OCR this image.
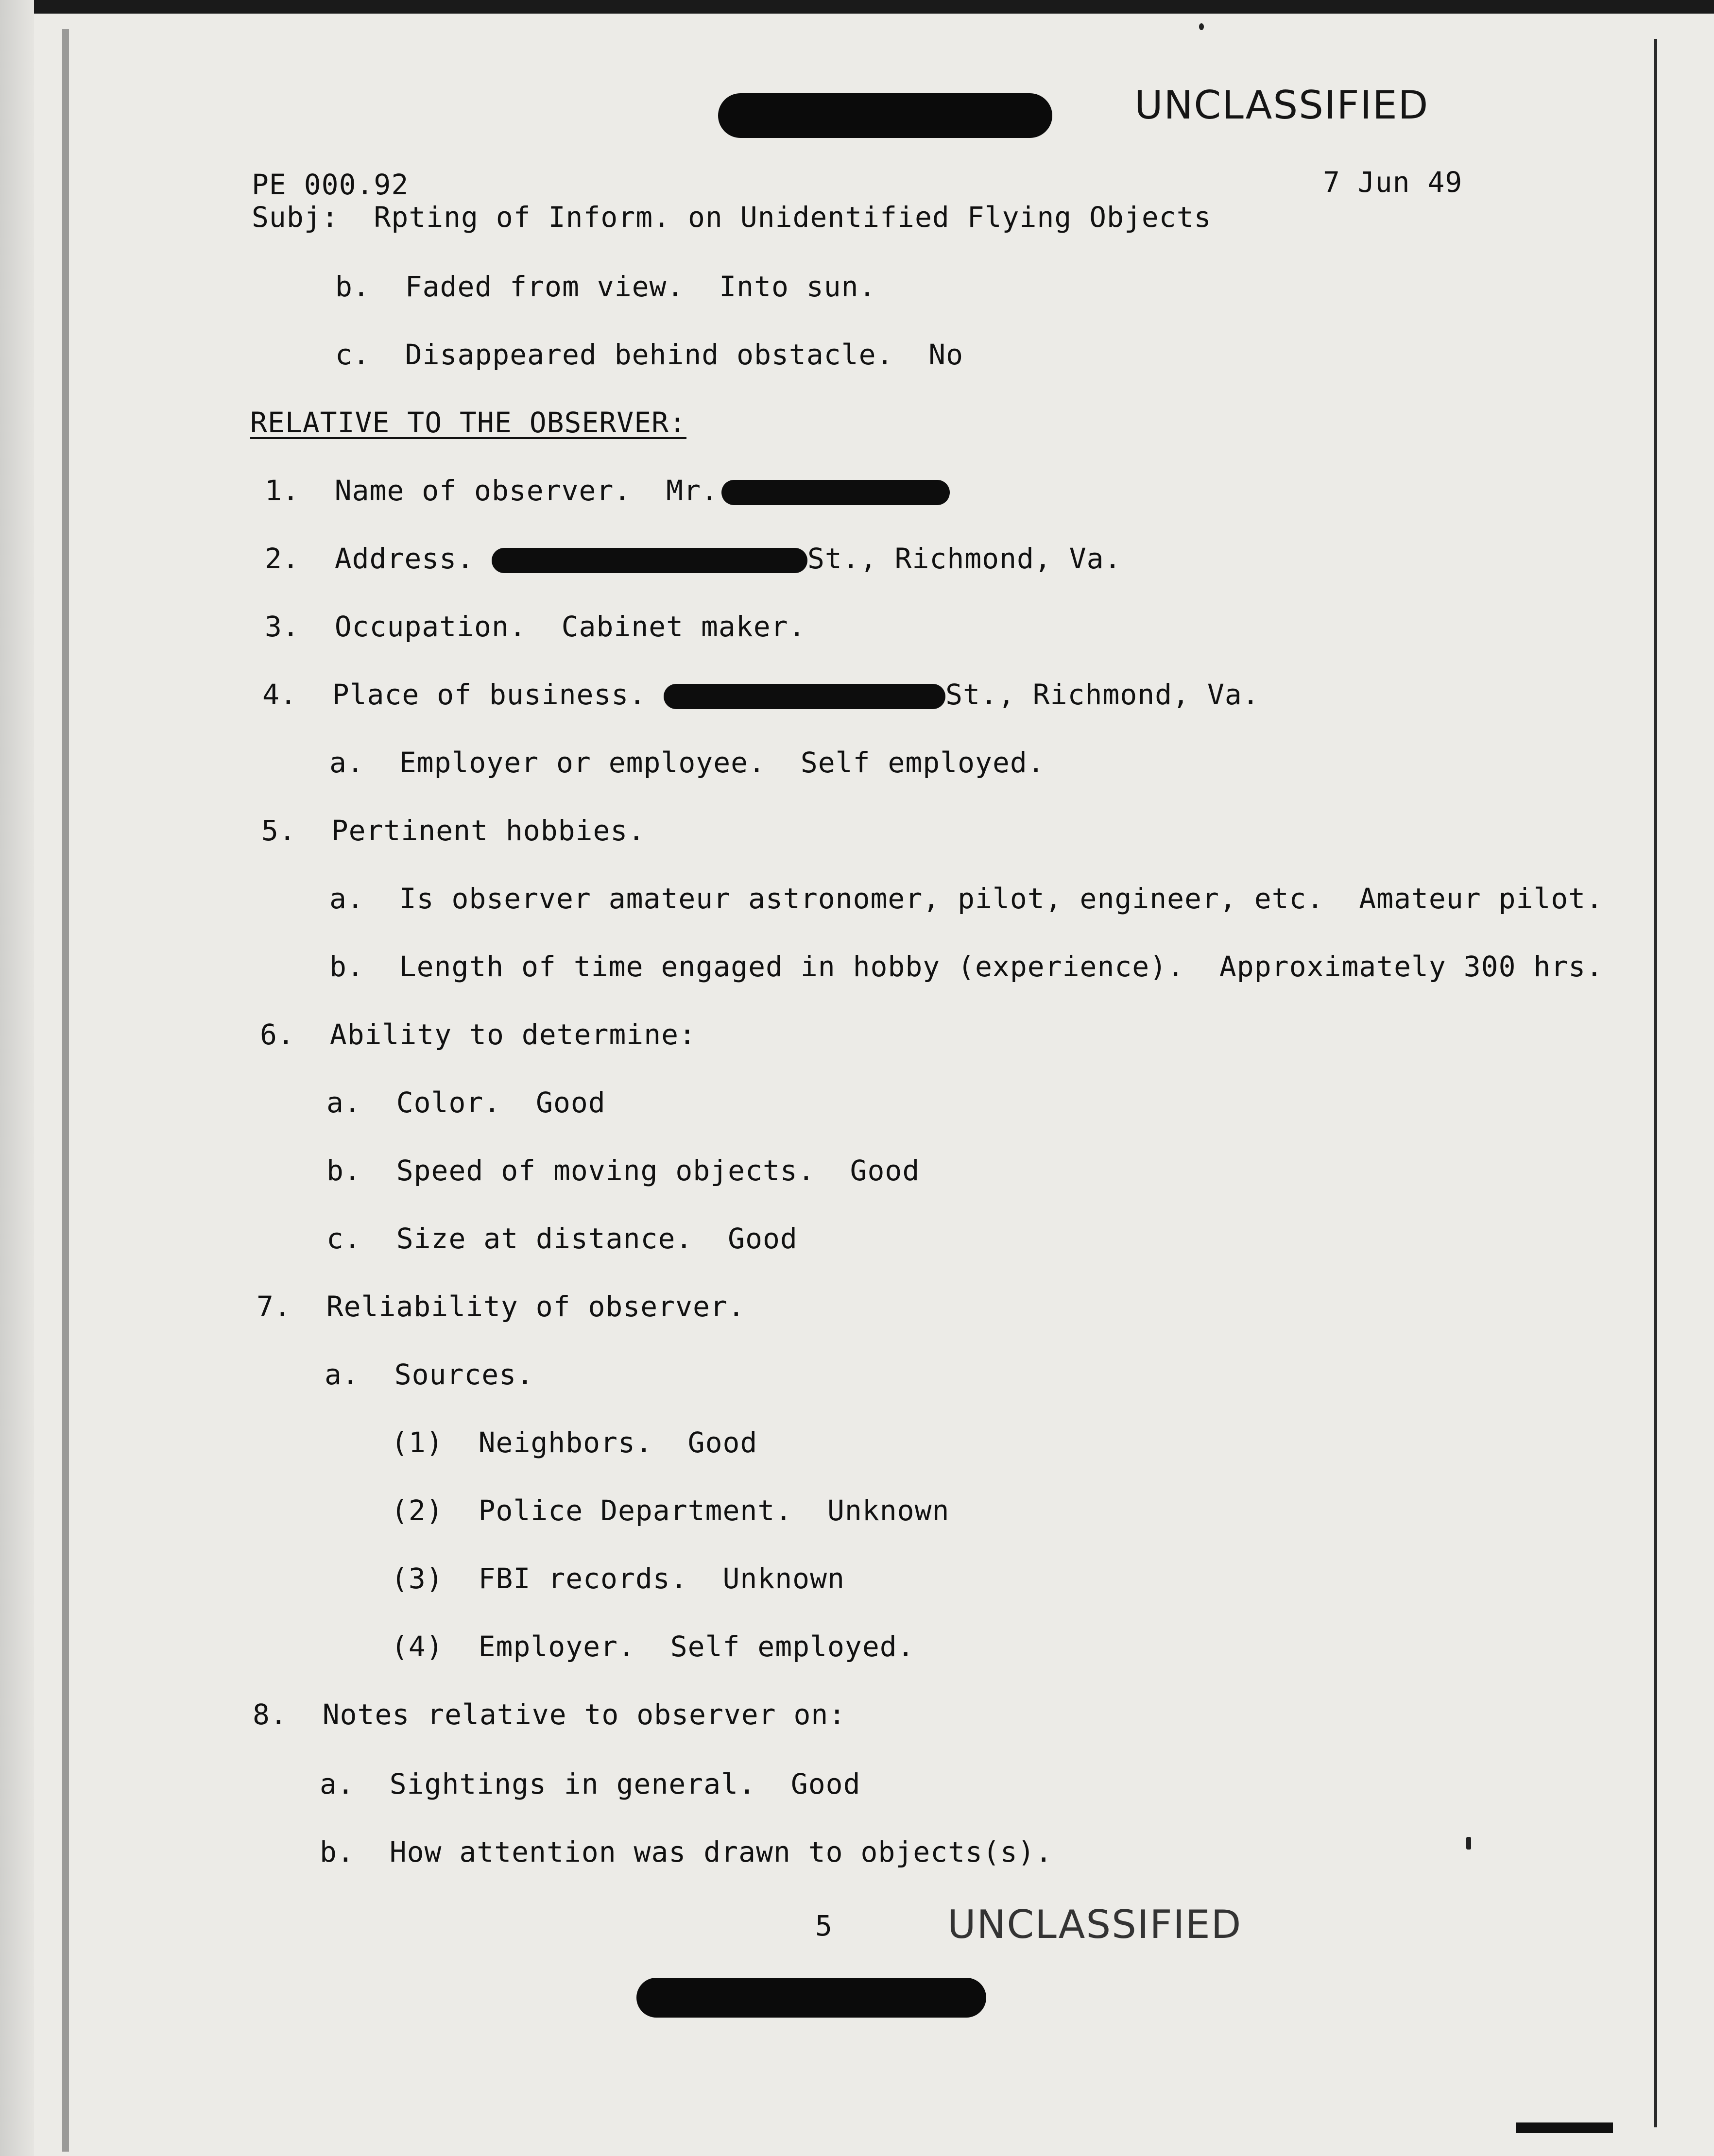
UNCLASSIFIED
PE 000.92	7 Jun 49
Subj: Rpting of Inform. on Unidentified Flying Objects
b. Faded from view.  Into sun.
c. Disappeared behind obstacle.  No
RELATIVE TO THE OBSERVER:
1. Name of observer. Mr.
2. Address.	St., Richmond, Va.
3. Occupation. Cabinet maker.
4. Place of business.	St., Richmond, Va.
a. Employer or employee. Self employed.
5. Pertinent hobbies.
a. Is observer amateur astronomer, pilot, engineer, etc. Amateur pilot.
b. Length of time engaged in hobby (experience). Approximately 300 hrs.
6. Ability to determine:
a. Color. Good
b. Speed of moving objects. Good
c. Size at distance. Good
7. Reliability of observer.
a. Sources.
(1) Neighbors. Good
(2) Police Department. Unknown
(3) FBI records. Unknown
(4) Employer. Self employed.
8. Notes relative to observer on:
a. Sightings in general. Good
b. How attention was drawn to objects(s).
5	UNCLASSIFIED
